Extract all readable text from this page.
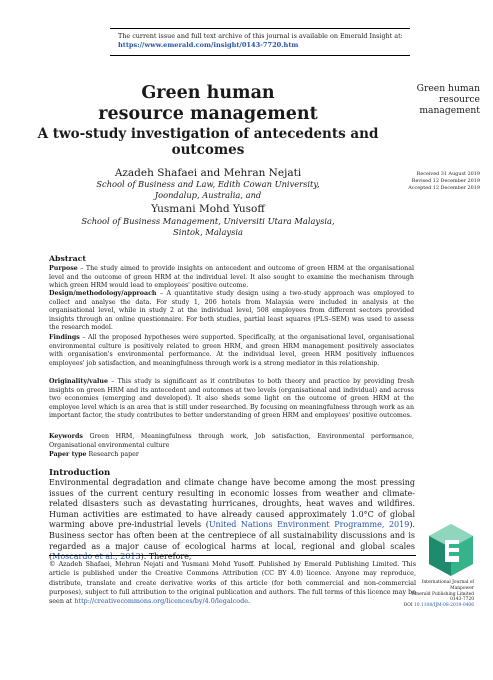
The current issue and full text archive of this journal is available on Emerald Insight at:
https://www.emerald.com/insight/0143-7720.htm
Green human
resource
management
Received 31 August 2019
Revised 12 December 2019
Accepted 12 December 2019
Green human
resource management
A two-study investigation of antecedents and
outcomes
Azadeh Shafaei and Mehran Nejati
School of Business and Law, Edith Cowan University,
Joondalup, Australia, and
Yusmani Mohd Yusoff
School of Business Management, Universiti Utara Malaysia,
Sintok, Malaysia
Abstract
Purpose – The study aimed to provide insights on antecedent and outcome of green HRM at the organisational level and the outcome of green HRM at the individual level. It also sought to examine the mechanism through which green HRM would lead to employees' positive outcome.
Design/methodology/approach – A quantitative study design using a two-study approach was employed to collect and analyse the data. For study 1, 206 hotels from Malaysia were included in analysis at the organisational level, while in study 2 at the individual level, 508 employees from different sectors provided insights through an online questionnaire. For both studies, partial least squares (PLS–SEM) was used to assess the research model.
Findings – All the proposed hypotheses were supported. Specifically, at the organisational level, organisational environmental culture is positively related to green HRM, and green HRM management positively associates with organisation's environmental performance. At the individual level, green HRM positively influences employees' job satisfaction, and meaningfulness through work is a strong mediator in this relationship.
Originality/value – This study is significant as it contributes to both theory and practice by providing fresh insights on green HRM and its antecedent and outcomes at two levels (organisational and individual) and across two economies (emerging and developed). It also sheds some light on the outcome of green HRM at the employee level which is an area that is still under researched. By focusing on meaningfulness through work as an important factor, the study contributes to better understanding of green HRM and employees' positive outcomes.
Keywords Green HRM, Meaningfulness through work, Job satisfaction, Environmental performance, Organisational environmental culture
Paper type Research paper
Introduction
Environmental degradation and climate change have become among the most pressing issues of the current century resulting in economic losses from weather and climate-related disasters such as devastating hurricanes, droughts, heat waves and wildfires. Human activities are estimated to have already caused approximately 1.0°C of global warming above pre-industrial levels (United Nations Environment Programme, 2019). Business sector has often been at the centrepiece of all sustainability discussions and is regarded as a major cause of ecological harms at local, regional and global scales (Moscardo et al., 2013). Therefore,
© Azadeh Shafaei, Mehran Nejati and Yusmani Mohd Yusoff. Published by Emerald Publishing Limited. This article is published under the Creative Commons Attribution (CC BY 4.0) licence. Anyone may reproduce, distribute, translate and create derivative works of this article (for both commercial and non-commercial purposes), subject to full attribution to the original publication and authors. The full terms of this licence may be seen at http://creativecommons.org/licences/by/4.0/legalcode.
International Journal of
Manpower
Emerald Publishing Limited
0143-7720
DOI 10.1108/IJM-08-2019-0406
